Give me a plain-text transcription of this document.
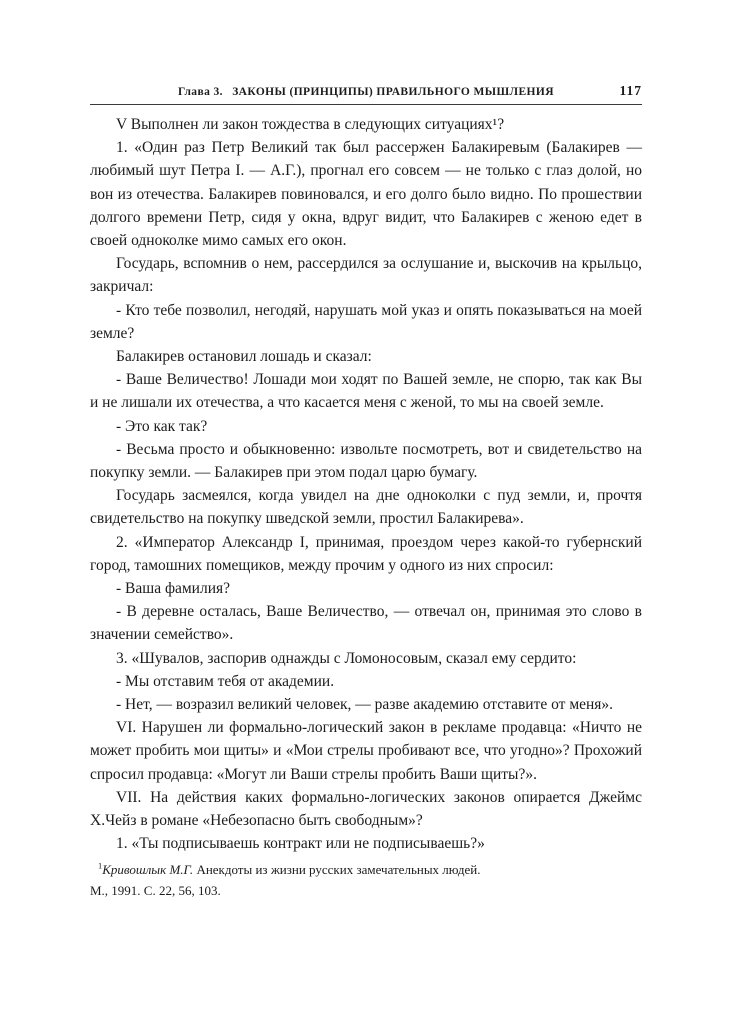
Глава 3. ЗАКОНЫ (ПРИНЦИПЫ) ПРАВИЛЬНОГО МЫШЛЕНИЯ	117

V Выполнен ли закон тождества в следующих ситуациях¹?

1. «Один раз Петр Великий так был рассержен Балакиревым (Балакирев — любимый шут Петра I. — А.Г.), прогнал его совсем — не только с глаз долой, но вон из отечества. Балакирев повиновался, и его долго было видно. По прошествии долгого времени Петр, сидя у окна, вдруг видит, что Балакирев с женою едет в своей одноколке мимо самых его окон.

Государь, вспомнив о нем, рассердился за ослушание и, выскочив на крыльцо, закричал:

- Кто тебе позволил, негодяй, нарушать мой указ и опять показываться на моей земле?

Балакирев остановил лошадь и сказал:

- Ваше Величество! Лошади мои ходят по Вашей земле, не спорю, так как Вы и не лишали их отечества, а что касается меня с женой, то мы на своей земле.

- Это как так?

- Весьма просто и обыкновенно: извольте посмотреть, вот и свидетельство на покупку земли. — Балакирев при этом подал царю бумагу.

Государь засмеялся, когда увидел на дне одноколки с пуд земли, и, прочтя свидетельство на покупку шведской земли, простил Балакирева».

2. «Император Александр I, принимая, проездом через какой-то губернский город, тамошних помещиков, между прочим у одного из них спросил:

- Ваша фамилия?

- В деревне осталась, Ваше Величество, — отвечал он, принимая это слово в значении семейство».

3. «Шувалов, заспорив однажды с Ломоносовым, сказал ему сердито:

- Мы отставим тебя от академии.

- Нет, — возразил великий человек, — разве академию отставите от меня».

VI. Нарушен ли формально-логический закон в рекламе продавца: «Ничто не может пробить мои щиты» и «Мои стрелы пробивают все, что угодно»? Прохожий спросил продавца: «Могут ли Ваши стрелы пробить Ваши щиты?».

VII. На действия каких формально-логических законов опирается Джеймс Х.Чейз в романе «Небезопасно быть свободным»?

1. «Ты подписываешь контракт или не подписываешь?»

$^1$Кривошлык М.Г. Анекдоты из жизни русских замечательных людей.

М., 1991. С. 22, 56, 103.
